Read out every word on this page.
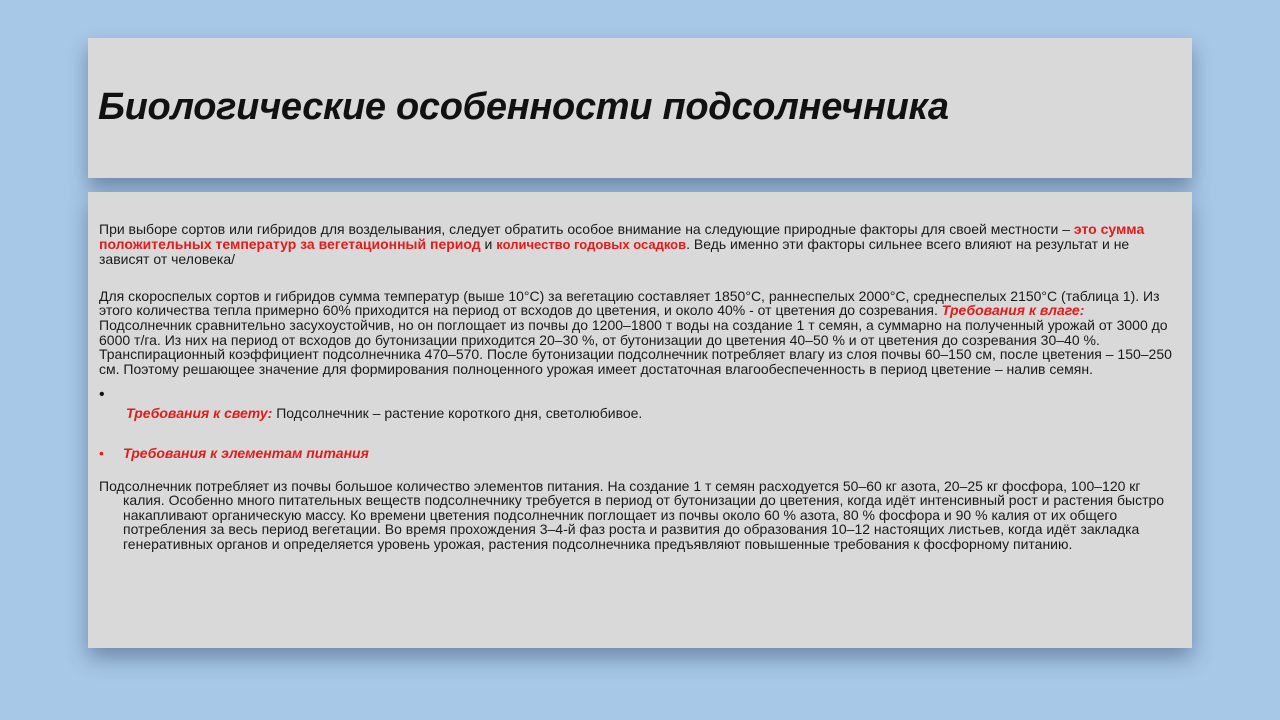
Биологические особенности подсолнечника

При выборе сортов или гибридов для возделывания, следует обратить особое внимание на следующие природные факторы для своей местности – это сумма положительных температур за вегетационный период и количество годовых осадков. Ведь именно эти факторы сильнее всего влияют на результат и не зависят от человека/

Для скороспелых сортов и гибридов сумма температур (выше 10°С) за вегетацию составляет 1850°С, раннеспелых 2000°С, среднеспелых 2150°С (таблица 1). Из этого количества тепла примерно 60% приходится на период от всходов до цветения, и около 40% - от цветения до созревания. Требования к влаге: Подсолнечник сравнительно засухоустойчив, но он поглощает из почвы до 1200–1800 т воды на создание 1 т семян, а суммарно на полученный урожай от 3000 до 6000 т/га. Из них на период от всходов до бутонизации приходится 20–30 %, от бутонизации до цветения 40–50 % и от цветения до созревания 30–40 %. Транспирационный коэффициент подсолнечника 470–570. После бутонизации подсолнечник потребляет влагу из слоя почвы 60–150 см, после цветения – 150–250 см. Поэтому решающее значение для формирования полноценного урожая имеет достаточная влагообеспеченность в период цветение – налив семян.

•

Требования к свету: Подсолнечник – растение короткого дня, светолюбивое.

• Требования к элементам питания

Подсолнечник потребляет из почвы большое количество элементов питания. На создание 1 т семян расходуется 50–60 кг азота, 20–25 кг фосфора, 100–120 кг калия. Особенно много питательных веществ подсолнечнику требуется в период от бутонизации до цветения, когда идёт интенсивный рост и растения быстро накапливают органическую массу. Ко времени цветения подсолнечник поглощает из почвы около 60 % азота, 80 % фосфора и 90 % калия от их общего потребления за весь период вегетации. Во время прохождения 3–4-й фаз роста и развития до образования 10–12 настоящих листьев, когда идёт закладка генеративных органов и определяется уровень урожая, растения подсолнечника предъявляют повышенные требования к фосфорному питанию.
